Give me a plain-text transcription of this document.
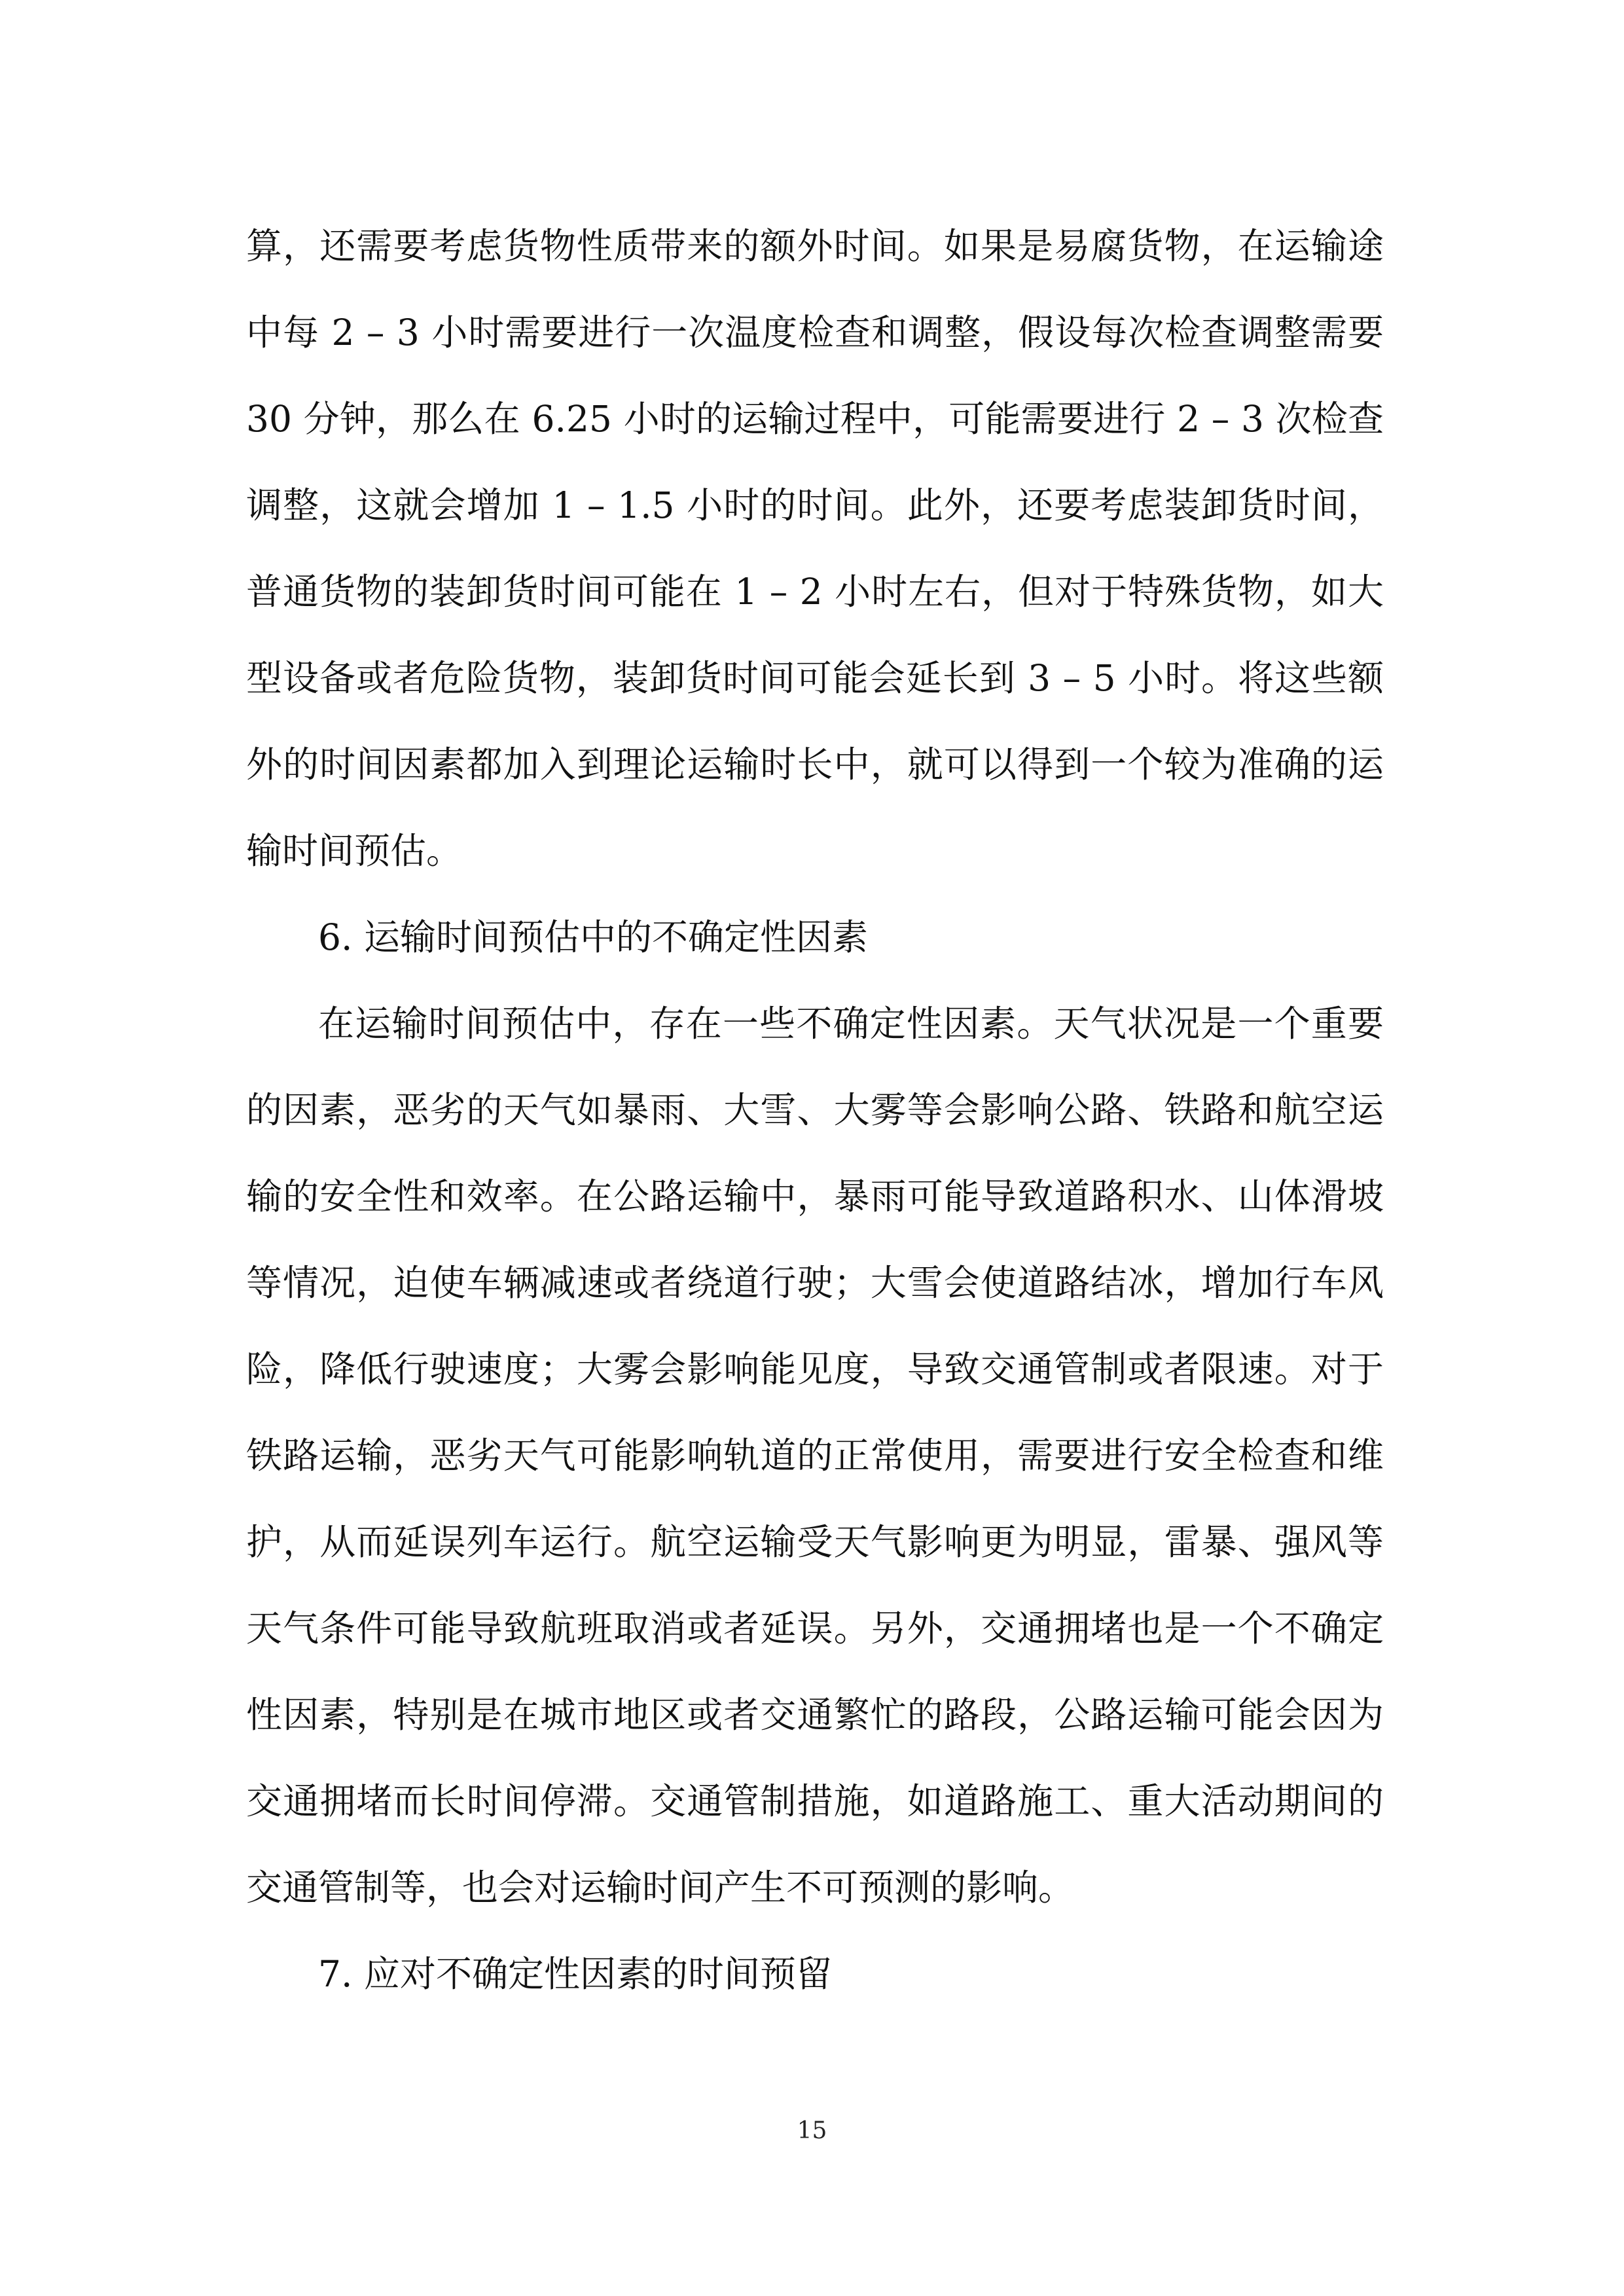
算，还需要考虑货物性质带来的额外时间。如果是易腐货物，在运输途中每 2 – 3 小时需要进行一次温度检查和调整，假设每次检查调整需要 30 分钟，那么在 6.25 小时的运输过程中，可能需要进行 2 – 3 次检查调整，这就会增加 1 – 1.5 小时的时间。此外，还要考虑装卸货时间，普通货物的装卸货时间可能在 1 – 2 小时左右，但对于特殊货物，如大型设备或者危险货物，装卸货时间可能会延长到 3 – 5 小时。将这些额外的时间因素都加入到理论运输时长中，就可以得到一个较为准确的运输时间预估。

6. 运输时间预估中的不确定性因素

在运输时间预估中，存在一些不确定性因素。天气状况是一个重要的因素，恶劣的天气如暴雨、大雪、大雾等会影响公路、铁路和航空运输的安全性和效率。在公路运输中，暴雨可能导致道路积水、山体滑坡等情况，迫使车辆减速或者绕道行驶；大雪会使道路结冰，增加行车风险，降低行驶速度；大雾会影响能见度，导致交通管制或者限速。对于铁路运输，恶劣天气可能影响轨道的正常使用，需要进行安全检查和维护，从而延误列车运行。航空运输受天气影响更为明显，雷暴、强风等天气条件可能导致航班取消或者延误。另外，交通拥堵也是一个不确定性因素，特别是在城市地区或者交通繁忙的路段，公路运输可能会因为交通拥堵而长时间停滞。交通管制措施，如道路施工、重大活动期间的交通管制等，也会对运输时间产生不可预测的影响。

7. 应对不确定性因素的时间预留

15
